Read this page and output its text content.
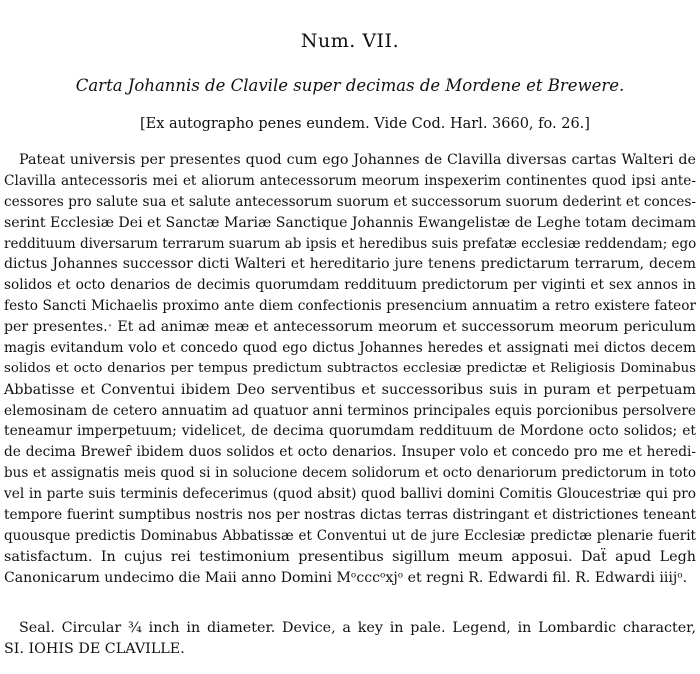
Num. VII.
Carta Johannis de Clavile super decimas de Mordene et Brewere.
[Ex autographo penes eundem. Vide Cod. Harl. 3660, fo. 26.]
Pateat universis per presentes quod cum ego Johannes de Clavilla diversas cartas Walteri de
Clavilla antecessoris mei et aliorum antecessorum meorum inspexerim continentes quod ipsi ante-
cessores pro salute sua et salute antecessorum suorum et successorum suorum dederint et conces-
serint Ecclesiæ Dei et Sanctæ Mariæ Sanctique Johannis Ewangelistæ de Leghe totam decimam
reddituum diversarum terrarum suarum ab ipsis et heredibus suis prefatæ ecclesiæ reddendam; ego
dictus Johannes successor dicti Walteri et hereditario jure tenens predictarum terrarum, decem
solidos et octo denarios de decimis quorumdam reddituum predictorum per viginti et sex annos in
festo Sancti Michaelis proximo ante diem confectionis presencium annuatim a retro existere fateor
per presentes.ˑ Et ad animæ meæ et antecessorum meorum et successorum meorum periculum
magis evitandum volo et concedo quod ego dictus Johannes heredes et assignati mei dictos decem
solidos et octo denarios per tempus predictum subtractos ecclesiæ predictæ et Religiosis Dominabus
Abbatisse et Conventui ibidem Deo serventibus et successoribus suis in puram et perpetuam
elemosinam de cetero annuatim ad quatuor anni terminos principales equis porcionibus persolvere
teneamur imperpetuum; videlicet, de decima quorumdam reddituum de Mordone octo solidos; et
de decima Breweȓ ibidem duos solidos et octo denarios. Insuper volo et concedo pro me et heredi-
bus et assignatis meis quod si in solucione decem solidorum et octo denariorum predictorum in toto
vel in parte suis terminis defecerimus (quod absit) quod ballivi domini Comitis Gloucestriæ qui pro
tempore fuerint sumptibus nostris nos per nostras dictas terras distringant et districtiones teneant
quousque predictis Dominabus Abbatissæ et Conventui ut de jure Ecclesiæ predictæ plenarie fuerit
satisfactum. In cujus rei testimonium presentibus sigillum meum apposui. Daẗ apud Legh
Canonicarum undecimo die Maii anno Domini Mᵒcccᵒxjᵒ et regni R. Edwardi fil. R. Edwardi iiijᵒ.
Seal. Circular ¾ inch in diameter. Device, a key in pale. Legend, in Lombardic character,
SI. IOHIS DE CLAVILLE.
